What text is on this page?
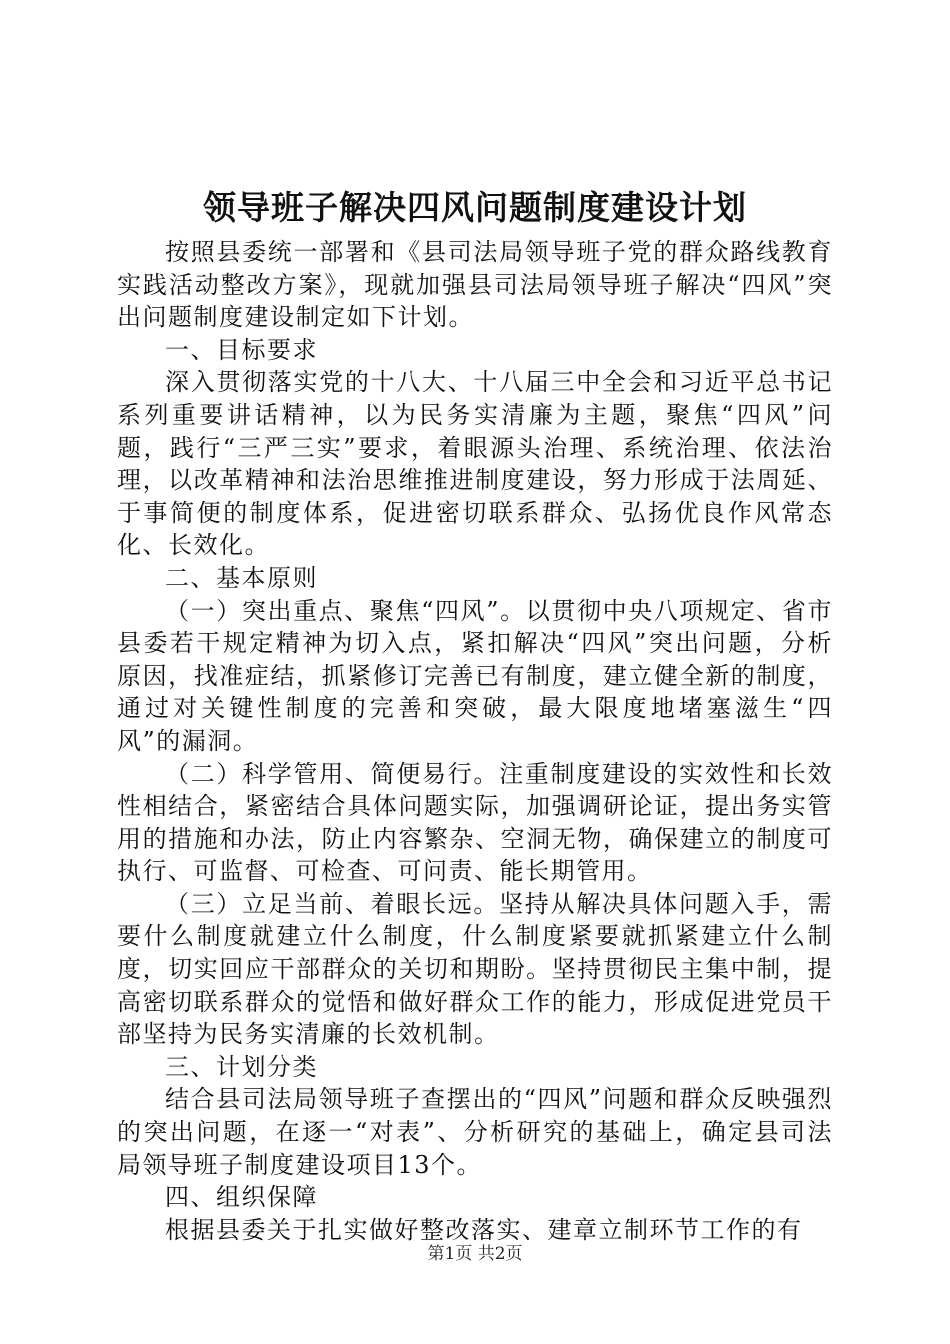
领导班子解决四风问题制度建设计划

按照县委统一部署和《县司法局领导班子党的群众路线教育实践活动整改方案》，现就加强县司法局领导班子解决“四风”突出问题制度建设制定如下计划。

一、目标要求

深入贯彻落实党的十八大、十八届三中全会和习近平总书记系列重要讲话精神，以为民务实清廉为主题，聚焦“四风”问题，践行“三严三实”要求，着眼源头治理、系统治理、依法治理，以改革精神和法治思维推进制度建设，努力形成于法周延、于事简便的制度体系，促进密切联系群众、弘扬优良作风常态化、长效化。

二、基本原则

（一）突出重点、聚焦“四风”。以贯彻中央八项规定、省市县委若干规定精神为切入点，紧扣解决“四风”突出问题，分析原因，找准症结，抓紧修订完善已有制度，建立健全新的制度，通过对关键性制度的完善和突破，最大限度地堵塞滋生“四风”的漏洞。

（二）科学管用、简便易行。注重制度建设的实效性和长效性相结合，紧密结合具体问题实际，加强调研论证，提出务实管用的措施和办法，防止内容繁杂、空洞无物，确保建立的制度可执行、可监督、可检查、可问责、能长期管用。

（三）立足当前、着眼长远。坚持从解决具体问题入手，需要什么制度就建立什么制度，什么制度紧要就抓紧建立什么制度，切实回应干部群众的关切和期盼。坚持贯彻民主集中制，提高密切联系群众的觉悟和做好群众工作的能力，形成促进党员干部坚持为民务实清廉的长效机制。

三、计划分类

结合县司法局领导班子查摆出的“四风”问题和群众反映强烈的突出问题，在逐一“对表”、分析研究的基础上，确定县司法局领导班子制度建设项目13个。

四、组织保障

根据县委关于扎实做好整改落实、建章立制环节工作的有

第1页 共2页
